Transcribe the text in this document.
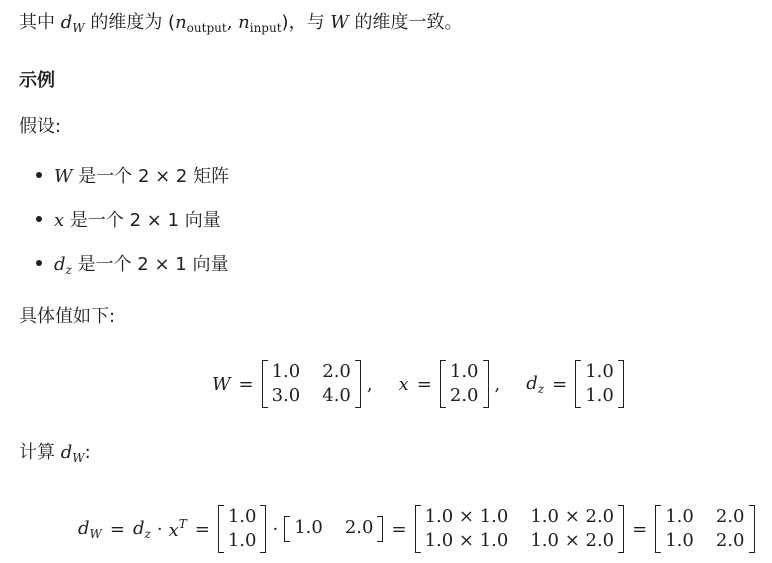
其中 $d_W$ 的维度为 ($n_{output}$, $n_{input}$)，与 W 的维度一致。
示例
假设:
W 是一个 2 × 2 矩阵
x 是一个 2 × 1 向量
$d_z$ 是一个 2 × 1 向量
具体值如下:
W =
1.0	2.0
3.0	4.0
, x =
1.0
2.0
, $d_z$ =
1.0
1.0
计算 $d_W$:
$d_W = d_z \cdot x^T$ =
1.0
1.0
· 1.0	2.0 =
1.0 × 1.0	1.0 × 2.0
1.0 × 1.0	1.0 × 2.0
=
1.0	2.0
1.0	2.0
